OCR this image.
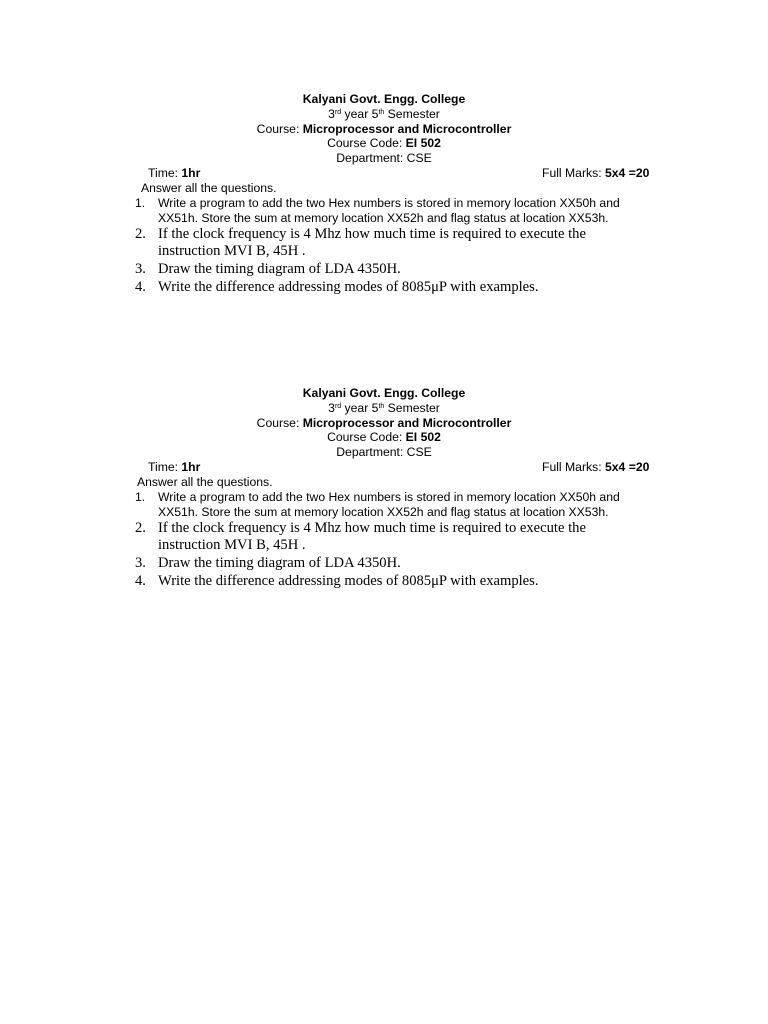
Kalyani Govt. Engg. College
3rd year 5th Semester
Course: Microprocessor and Microcontroller
Course Code: EI 502
Department: CSE
Time: 1hr	Full Marks: 5x4 =20
Answer all the questions.
1. Write a program to add the two Hex numbers is stored in memory location XX50h and XX51h. Store the sum at memory location XX52h and flag status at location XX53h.
2. If the clock frequency is 4 Mhz how much time is required to execute the instruction MVI B, 45H .
3. Draw the timing diagram of LDA 4350H.
4. Write the difference addressing modes of 8085μP with examples.
Kalyani Govt. Engg. College
3rd year 5th Semester
Course: Microprocessor and Microcontroller
Course Code: EI 502
Department: CSE
Time: 1hr	Full Marks: 5x4 =20
Answer all the questions.
1. Write a program to add the two Hex numbers is stored in memory location XX50h and XX51h. Store the sum at memory location XX52h and flag status at location XX53h.
2. If the clock frequency is 4 Mhz how much time is required to execute the instruction MVI B, 45H .
3. Draw the timing diagram of LDA 4350H.
4. Write the difference addressing modes of 8085μP with examples.
